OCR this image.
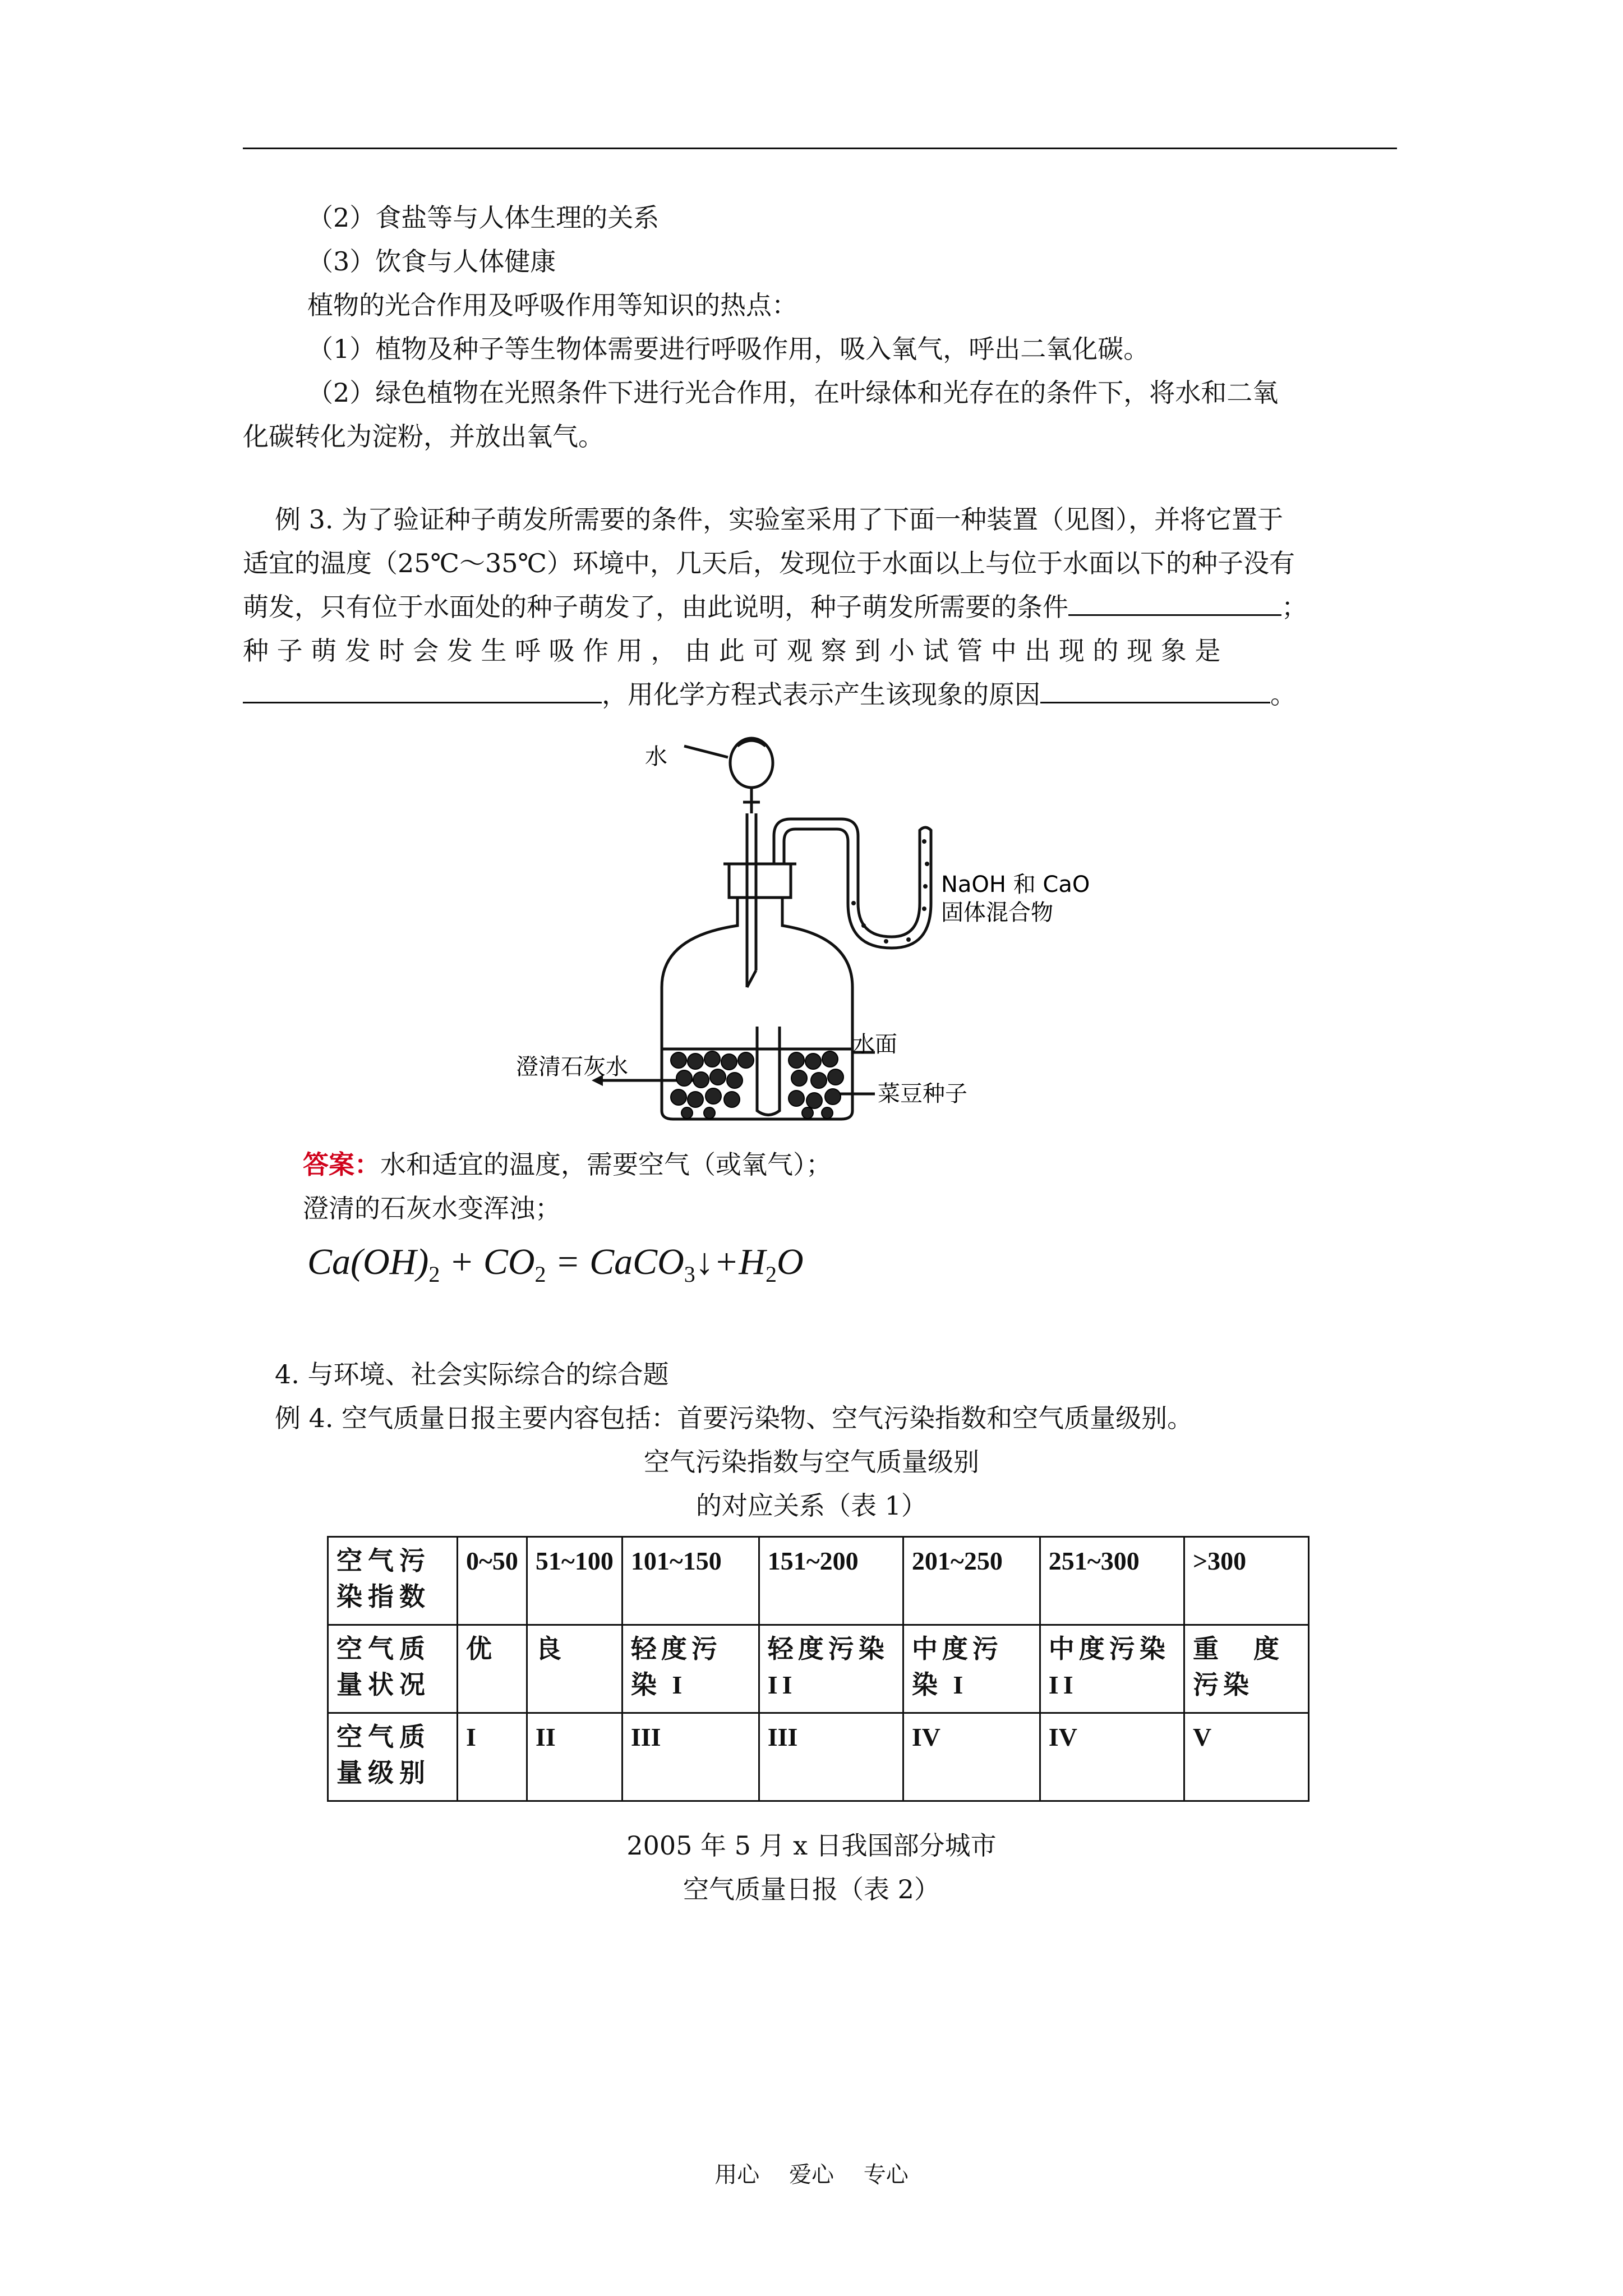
（2）食盐等与人体生理的关系
（3）饮食与人体健康
植物的光合作用及呼吸作用等知识的热点：
（1）植物及种子等生物体需要进行呼吸作用，吸入氧气，呼出二氧化碳。
（2）绿色植物在光照条件下进行光合作用，在叶绿体和光存在的条件下，将水和二氧
化碳转化为淀粉，并放出氧气。
例 3. 为了验证种子萌发所需要的条件，实验室采用了下面一种装置（见图），并将它置于
适宜的温度（25℃～35℃）环境中，几天后，发现位于水面以上与位于水面以下的种子没有
萌发，只有位于水面处的种子萌发了，由此说明，种子萌发所需要的条件	；
种 子 萌 发 时 会 发 生 呼 吸 作 用 ， 由 此 可 观 察 到 小 试 管 中 出 现 的 现 象 是
，用化学方程式表示产生该现象的原因	。
水
NaOH 和 CaO
固体混合物
澄清石灰水
水面
菜豆种子
答案：水和适宜的温度，需要空气（或氧气）；
澄清的石灰水变浑浊；
$Ca(OH)_2 + CO_2$ = $CaCO_3↓+H_2O$
4. 与环境、社会实际综合的综合题
例 4. 空气质量日报主要内容包括：首要污染物、空气污染指数和空气质量级别。
空气污染指数与空气质量级别
的对应关系（表 1）
空气污染指数	0~50	51~100	101~150	151~200	201~250	251~300	>300
空气质量状况	优	良	轻度污染 I	轻度污染 II	中度污染 I	中度污染 II	重　度污染
空气质量级别	I	II	III	III	IV	IV	V
2005 年 5 月 x 日我国部分城市
空气质量日报（表 2）
用心 爱心 专心
